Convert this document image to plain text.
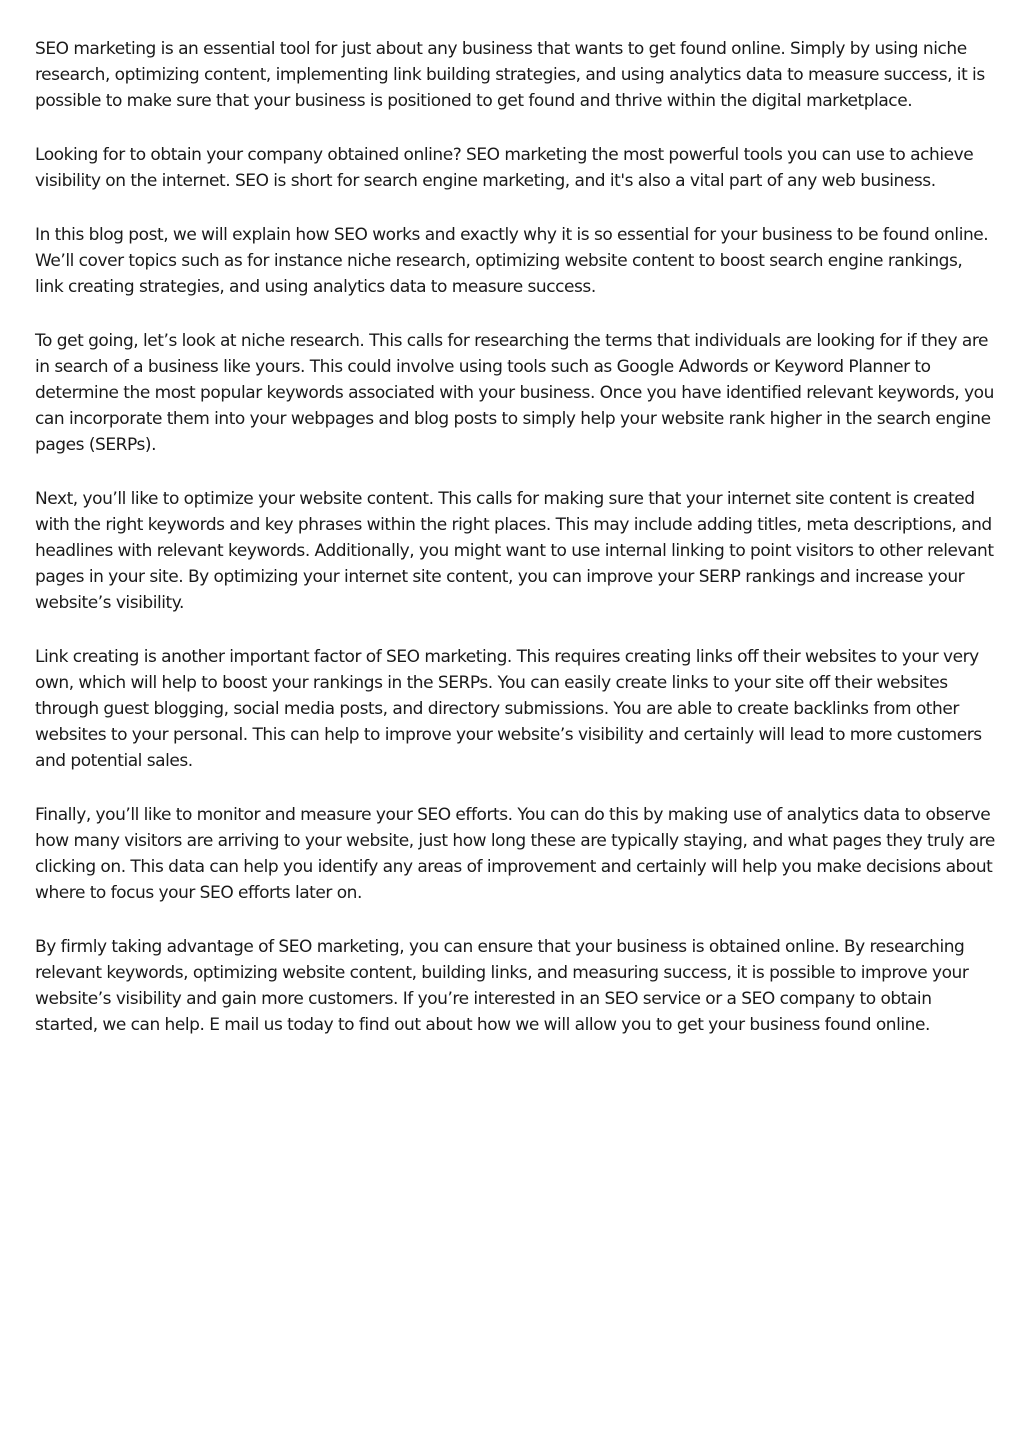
SEO marketing is an essential tool for just about any business that wants to get found online. Simply by using niche research, optimizing content, implementing link building strategies, and using analytics data to measure success, it is possible to make sure that your business is positioned to get found and thrive within the digital marketplace.

Looking for to obtain your company obtained online? SEO marketing the most powerful tools you can use to achieve visibility on the internet. SEO is short for search engine marketing, and it's also a vital part of any web business.

In this blog post, we will explain how SEO works and exactly why it is so essential for your business to be found online. We’ll cover topics such as for instance niche research, optimizing website content to boost search engine rankings, link creating strategies, and using analytics data to measure success.

To get going, let’s look at niche research. This calls for researching the terms that individuals are looking for if they are in search of a business like yours. This could involve using tools such as Google Adwords or Keyword Planner to determine the most popular keywords associated with your business. Once you have identified relevant keywords, you can incorporate them into your webpages and blog posts to simply help your website rank higher in the search engine pages (SERPs).

Next, you’ll like to optimize your website content. This calls for making sure that your internet site content is created with the right keywords and key phrases within the right places. This may include adding titles, meta descriptions, and headlines with relevant keywords. Additionally, you might want to use internal linking to point visitors to other relevant pages in your site. By optimizing your internet site content, you can improve your SERP rankings and increase your website’s visibility.

Link creating is another important factor of SEO marketing. This requires creating links off their websites to your very own, which will help to boost your rankings in the SERPs. You can easily create links to your site off their websites through guest blogging, social media posts, and directory submissions. You are able to create backlinks from other websites to your personal. This can help to improve your website’s visibility and certainly will lead to more customers and potential sales.

Finally, you’ll like to monitor and measure your SEO efforts. You can do this by making use of analytics data to observe how many visitors are arriving to your website, just how long these are typically staying, and what pages they truly are clicking on. This data can help you identify any areas of improvement and certainly will help you make decisions about where to focus your SEO efforts later on.

By firmly taking advantage of SEO marketing, you can ensure that your business is obtained online. By researching relevant keywords, optimizing website content, building links, and measuring success, it is possible to improve your website’s visibility and gain more customers. If you’re interested in an SEO service or a SEO company to obtain started, we can help. E mail us today to find out about how we will allow you to get your business found online.
